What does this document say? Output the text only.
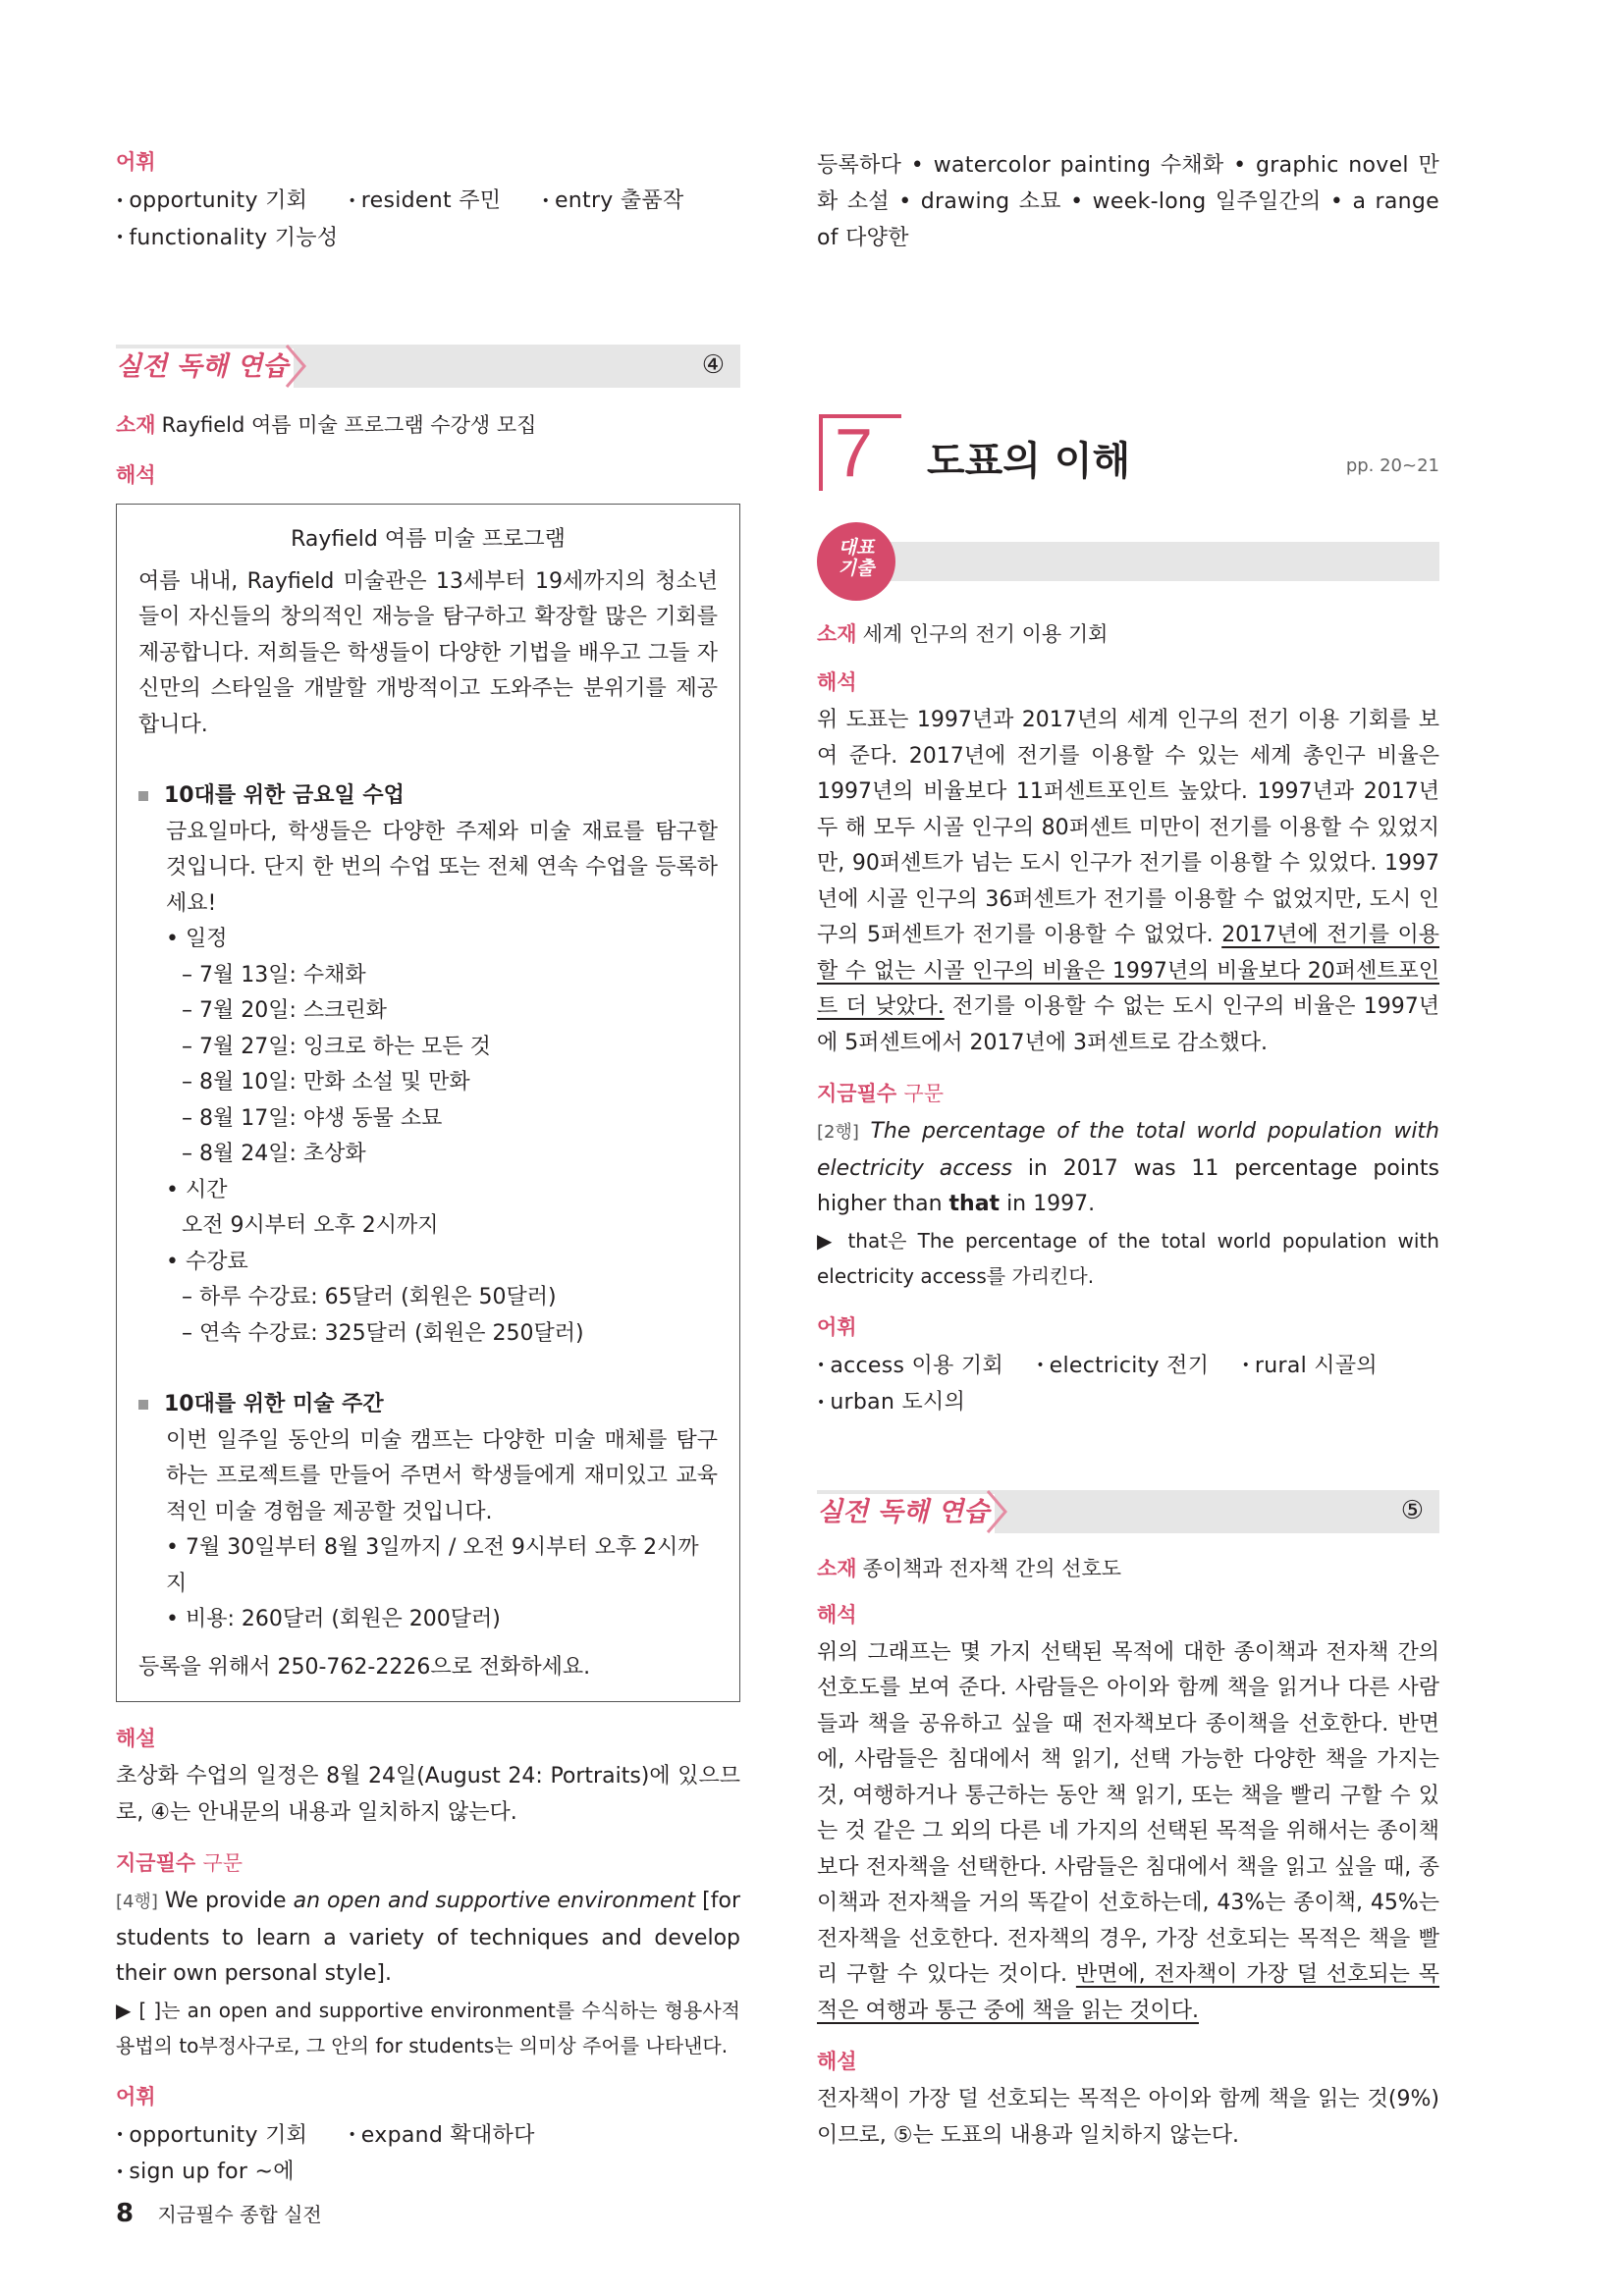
어휘
• opportunity 기회 • resident 주민 • entry 출품작
• functionality 기능성
실전 독해 연습	④
소재 Rayfield 여름 미술 프로그램 수강생 모집
해석
Rayfield 여름 미술 프로그램

여름 내내, Rayfield 미술관은 13세부터 19세까지의 청소년들이 자신들의 창의적인 재능을 탐구하고 확장할 많은 기회를 제공합니다. 저희들은 학생들이 다양한 기법을 배우고 그들 자신만의 스타일을 개발할 개방적이고 도와주는 분위기를 제공합니다.

10대를 위한 금요일 수업

금요일마다, 학생들은 다양한 주제와 미술 재료를 탐구할 것입니다. 단지 한 번의 수업 또는 전체 연속 수업을 등록하세요!

• 일정
– 7월 13일: 수채화
– 7월 20일: 스크린화
– 7월 27일: 잉크로 하는 모든 것
– 8월 10일: 만화 소설 및 만화
– 8월 17일: 야생 동물 소묘
– 8월 24일: 초상화
• 시간
오전 9시부터 오후 2시까지
• 수강료
– 하루 수강료: 65달러 (회원은 50달러)
– 연속 수강료: 325달러 (회원은 250달러)
10대를 위한 미술 주간

이번 일주일 동안의 미술 캠프는 다양한 미술 매체를 탐구하는 프로젝트를 만들어 주면서 학생들에게 재미있고 교육적인 미술 경험을 제공할 것입니다.

• 7월 30일부터 8월 3일까지 / 오전 9시부터 오후 2시까지
• 비용: 260달러 (회원은 200달러)
등록을 위해서 250-762-2226으로 전화하세요.
해설

초상화 수업의 일정은 8월 24일(August 24: Portraits)에 있으므로, ④는 안내문의 내용과 일치하지 않는다.

지금필수 구문

[4행] We provide an open and supportive environment [for students to learn a variety of techniques and develop their own personal style].

▶ [ ]는 an open and supportive environment를 수식하는 형용사적 용법의 to부정사구로, 그 안의 for students는 의미상 주어를 나타낸다.

어휘
• opportunity 기회 • expand 확대하다 • sign up for ~에

등록하다 • watercolor painting 수채화 • graphic novel 만화 소설 • drawing 소묘 • week-long 일주일간의 • a range of 다양한

7 도표의 이해	pp. 20~21
대표 기출
소재 세계 인구의 전기 이용 기회
해석

위 도표는 1997년과 2017년의 세계 인구의 전기 이용 기회를 보여 준다. 2017년에 전기를 이용할 수 있는 세계 총인구 비율은 1997년의 비율보다 11퍼센트포인트 높았다. 1997년과 2017년 두 해 모두 시골 인구의 80퍼센트 미만이 전기를 이용할 수 있었지만, 90퍼센트가 넘는 도시 인구가 전기를 이용할 수 있었다. 1997년에 시골 인구의 36퍼센트가 전기를 이용할 수 없었지만, 도시 인구의 5퍼센트가 전기를 이용할 수 없었다. 2017년에 전기를 이용할 수 없는 시골 인구의 비율은 1997년의 비율보다 20퍼센트포인트 더 낮았다. 전기를 이용할 수 없는 도시 인구의 비율은 1997년에 5퍼센트에서 2017년에 3퍼센트로 감소했다.

지금필수 구문

[2행] The percentage of the total world population with electricity access in 2017 was 11 percentage points higher than that in 1997.

▶ that은 The percentage of the total world population with electricity access를 가리킨다.

어휘
• access 이용 기회 • electricity 전기 • rural 시골의 • urban 도시의
실전 독해 연습	⑤
소재 종이책과 전자책 간의 선호도
해석

위의 그래프는 몇 가지 선택된 목적에 대한 종이책과 전자책 간의 선호도를 보여 준다. 사람들은 아이와 함께 책을 읽거나 다른 사람들과 책을 공유하고 싶을 때 전자책보다 종이책을 선호한다. 반면에, 사람들은 침대에서 책 읽기, 선택 가능한 다양한 책을 가지는 것, 여행하거나 통근하는 동안 책 읽기, 또는 책을 빨리 구할 수 있는 것 같은 그 외의 다른 네 가지의 선택된 목적을 위해서는 종이책보다 전자책을 선택한다. 사람들은 침대에서 책을 읽고 싶을 때, 종이책과 전자책을 거의 똑같이 선호하는데, 43%는 종이책, 45%는 전자책을 선호한다. 전자책의 경우, 가장 선호되는 목적은 책을 빨리 구할 수 있다는 것이다. 반면에, 전자책이 가장 덜 선호되는 목적은 여행과 통근 중에 책을 읽는 것이다.

해설

전자책이 가장 덜 선호되는 목적은 아이와 함께 책을 읽는 것(9%)이므로, ⑤는 도표의 내용과 일치하지 않는다.

8 지금필수 종합 실전
